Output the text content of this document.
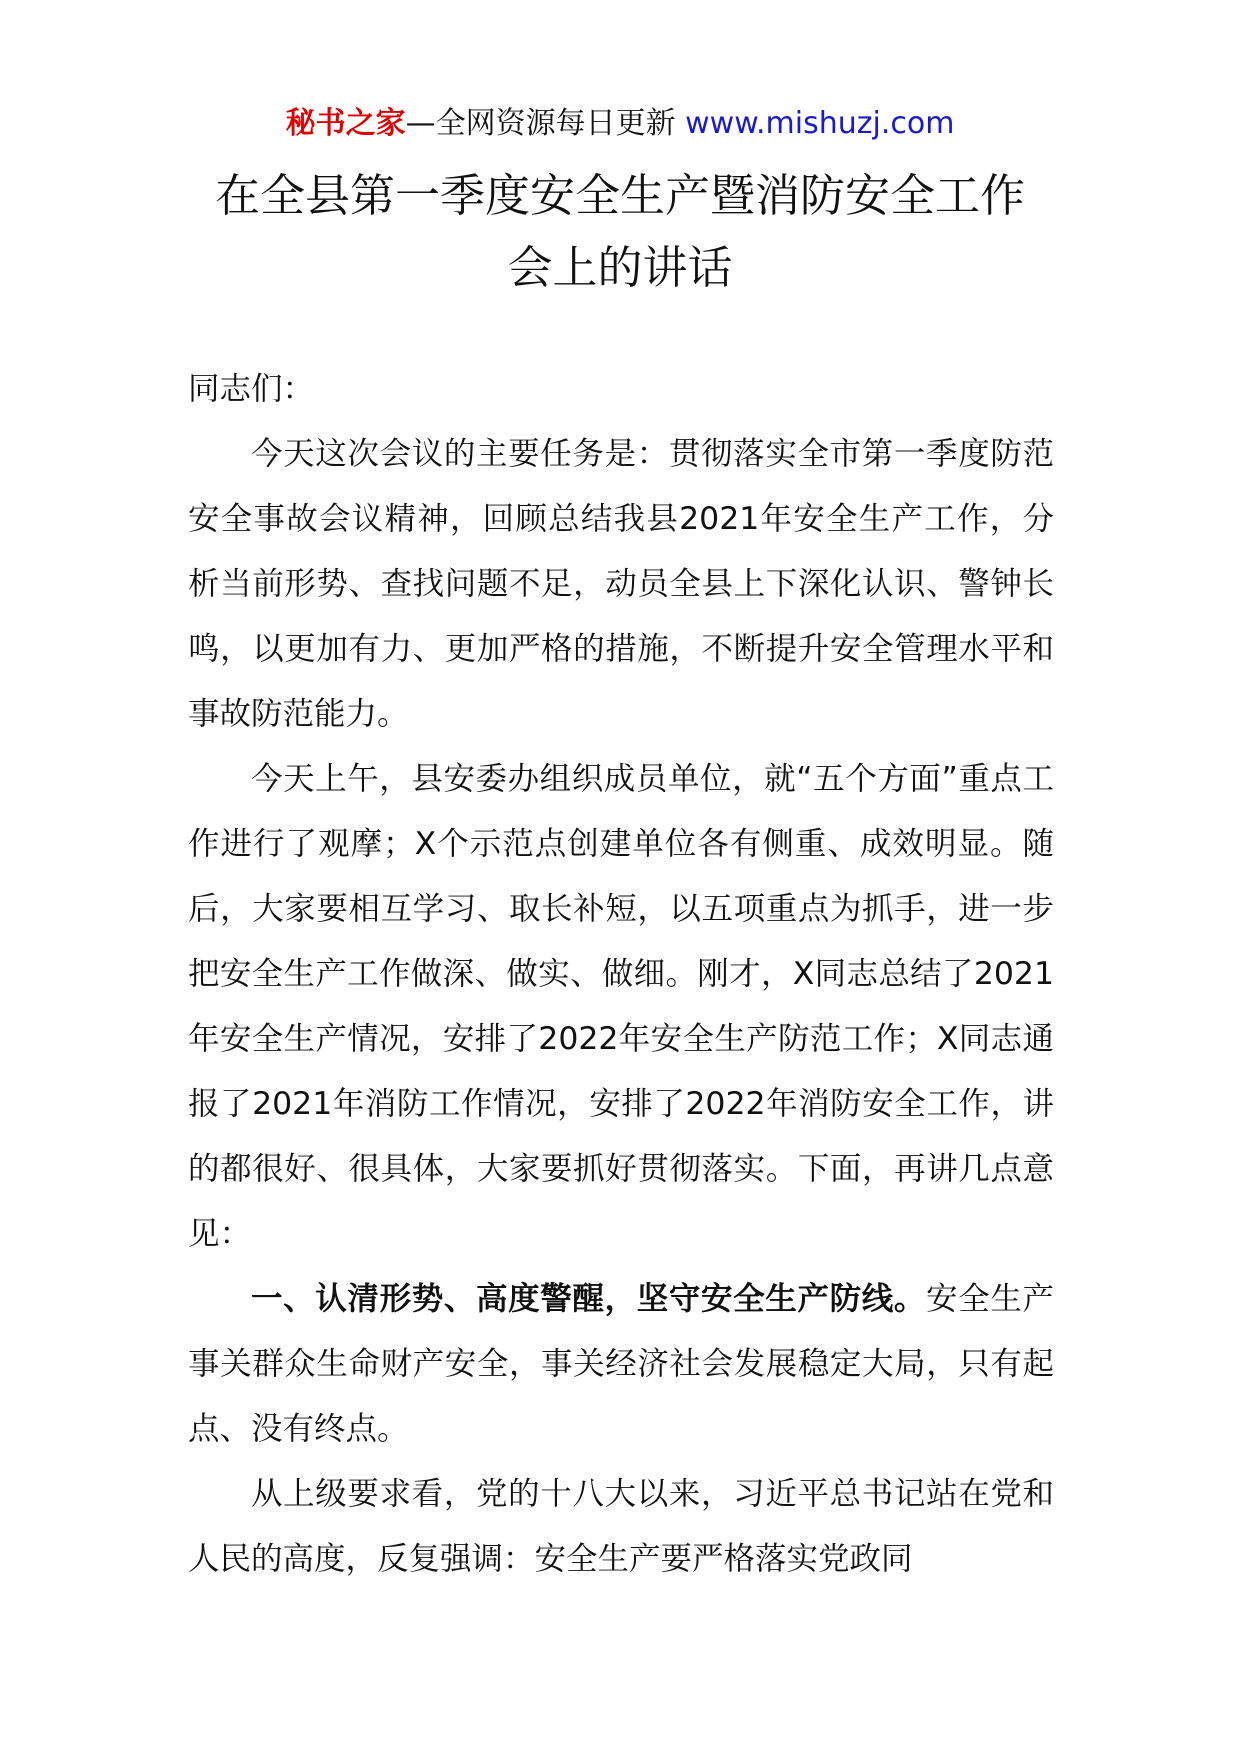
秘书之家—全网资源每日更新 www.mishuzj.com
在全县第一季度安全生产暨消防安全工作
会上的讲话

同志们：

今天这次会议的主要任务是：贯彻落实全市第一季度防范安全事故会议精神，回顾总结我县2021年安全生产工作，分析当前形势、查找问题不足，动员全县上下深化认识、警钟长鸣，以更加有力、更加严格的措施，不断提升安全管理水平和事故防范能力。

今天上午，县安委办组织成员单位，就“五个方面”重点工作进行了观摩；X个示范点创建单位各有侧重、成效明显。随后，大家要相互学习、取长补短，以五项重点为抓手，进一步把安全生产工作做深、做实、做细。刚才，X同志总结了2021年安全生产情况，安排了2022年安全生产防范工作；X同志通报了2021年消防工作情况，安排了2022年消防安全工作，讲的都很好、很具体，大家要抓好贯彻落实。下面，再讲几点意见：

一、认清形势、高度警醒，坚守安全生产防线。安全生产事关群众生命财产安全，事关经济社会发展稳定大局，只有起点、没有终点。

从上级要求看，党的十八大以来，习近平总书记站在党和人民的高度，反复强调：安全生产要严格落实党政同
